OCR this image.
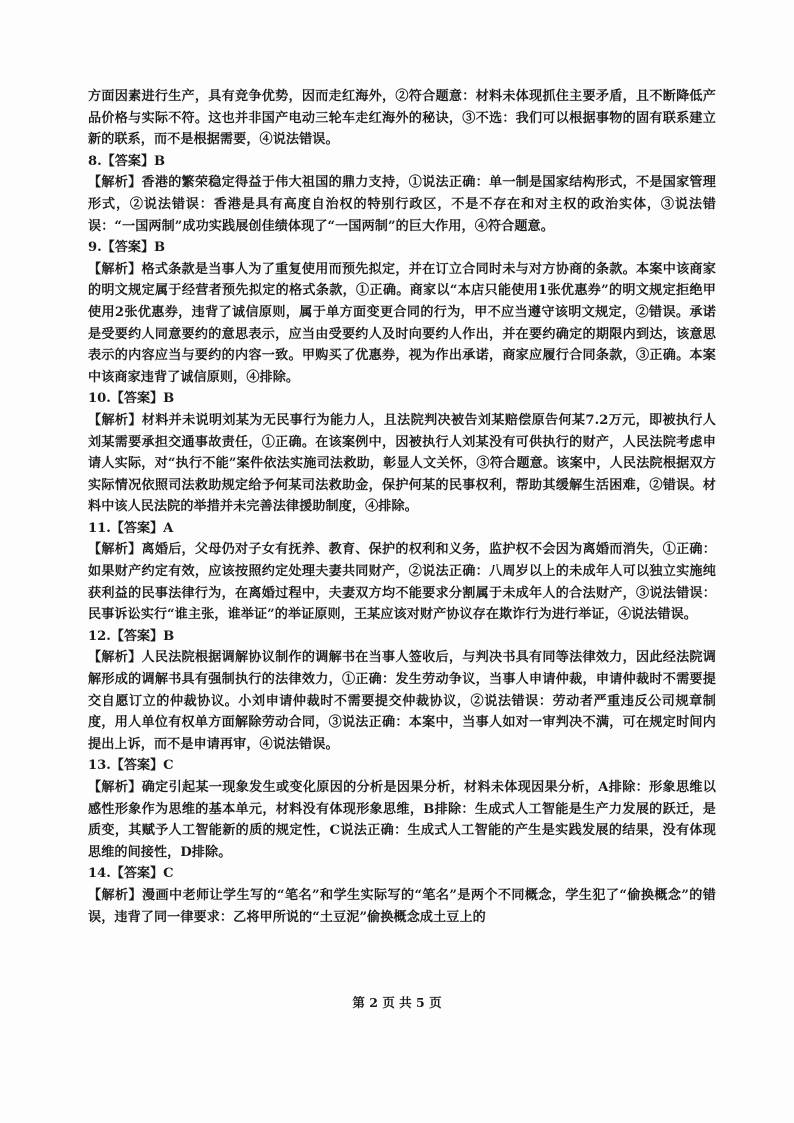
方面因素进行生产，具有竞争优势，因而走红海外，②符合题意：材料未体现抓住主要矛盾，且不断降低产品价格与实际不符。这也并非国产电动三轮车走红海外的秘诀，③不选：我们可以根据事物的固有联系建立新的联系，而不是根据需要，④说法错误。

8.【答案】B

【解析】香港的繁荣稳定得益于伟大祖国的鼎力支持，①说法正确：单一制是国家结构形式，不是国家管理形式，②说法错误：香港是具有高度自治权的特别行政区，不是不存在和对主权的政治实体，③说法错误：“一国两制”成功实践展创佳绩体现了“一国两制”的巨大作用，④符合题意。

9.【答案】B

【解析】格式条款是当事人为了重复使用而预先拟定，并在订立合同时未与对方协商的条款。本案中该商家的明文规定属于经营者预先拟定的格式条款，①正确。商家以“本店只能使用1张优惠券”的明文规定拒绝甲使用2张优惠券，违背了诚信原则，属于单方面变更合同的行为，甲不应当遵守该明文规定，②错误。承诺是受要约人同意要约的意思表示，应当由受要约人及时向要约人作出，并在要约确定的期限内到达，该意思表示的内容应当与要约的内容一致。甲购买了优惠券，视为作出承诺，商家应履行合同条款，③正确。本案中该商家违背了诚信原则，④排除。

10.【答案】B

【解析】材料并未说明刘某为无民事行为能力人，且法院判决被告刘某赔偿原告何某7.2万元，即被执行人刘某需要承担交通事故责任，①正确。在该案例中，因被执行人刘某没有可供执行的财产，人民法院考虑申请人实际，对“执行不能”案件依法实施司法救助，彰显人文关怀，③符合题意。该案中，人民法院根据双方实际情况依照司法救助规定给予何某司法救助金，保护何某的民事权利，帮助其缓解生活困难，②错误。材料中该人民法院的举措并未完善法律援助制度，④排除。

11.【答案】A

【解析】离婚后，父母仍对子女有抚养、教育、保护的权利和义务，监护权不会因为离婚而消失，①正确：如果财产约定有效，应该按照约定处理夫妻共同财产，②说法正确：八周岁以上的未成年人可以独立实施纯获利益的民事法律行为，在离婚过程中，夫妻双方均不能要求分割属于未成年人的合法财产，③说法错误：民事诉讼实行“谁主张，谁举证”的举证原则，王某应该对财产协议存在欺诈行为进行举证，④说法错误。

12.【答案】B

【解析】人民法院根据调解协议制作的调解书在当事人签收后，与判决书具有同等法律效力，因此经法院调解形成的调解书具有强制执行的法律效力，①正确：发生劳动争议，当事人申请仲裁，申请仲裁时不需要提交自愿订立的仲裁协议。小刘申请仲裁时不需要提交仲裁协议，②说法错误：劳动者严重违反公司规章制度，用人单位有权单方面解除劳动合同，③说法正确：本案中，当事人如对一审判决不满，可在规定时间内提出上诉，而不是申请再审，④说法错误。

13.【答案】C

【解析】确定引起某一现象发生或变化原因的分析是因果分析，材料未体现因果分析，A排除：形象思维以感性形象作为思维的基本单元，材料没有体现形象思维，B排除：生成式人工智能是生产力发展的跃迁，是质变，其赋予人工智能新的质的规定性，C说法正确：生成式人工智能的产生是实践发展的结果，没有体现思维的间接性，D排除。

14.【答案】C

【解析】漫画中老师让学生写的“笔名”和学生实际写的“笔名”是两个不同概念，学生犯了“偷换概念”的错误，违背了同一律要求：乙将甲所说的“土豆泥”偷换概念成土豆上的

第 2 页 共 5 页
